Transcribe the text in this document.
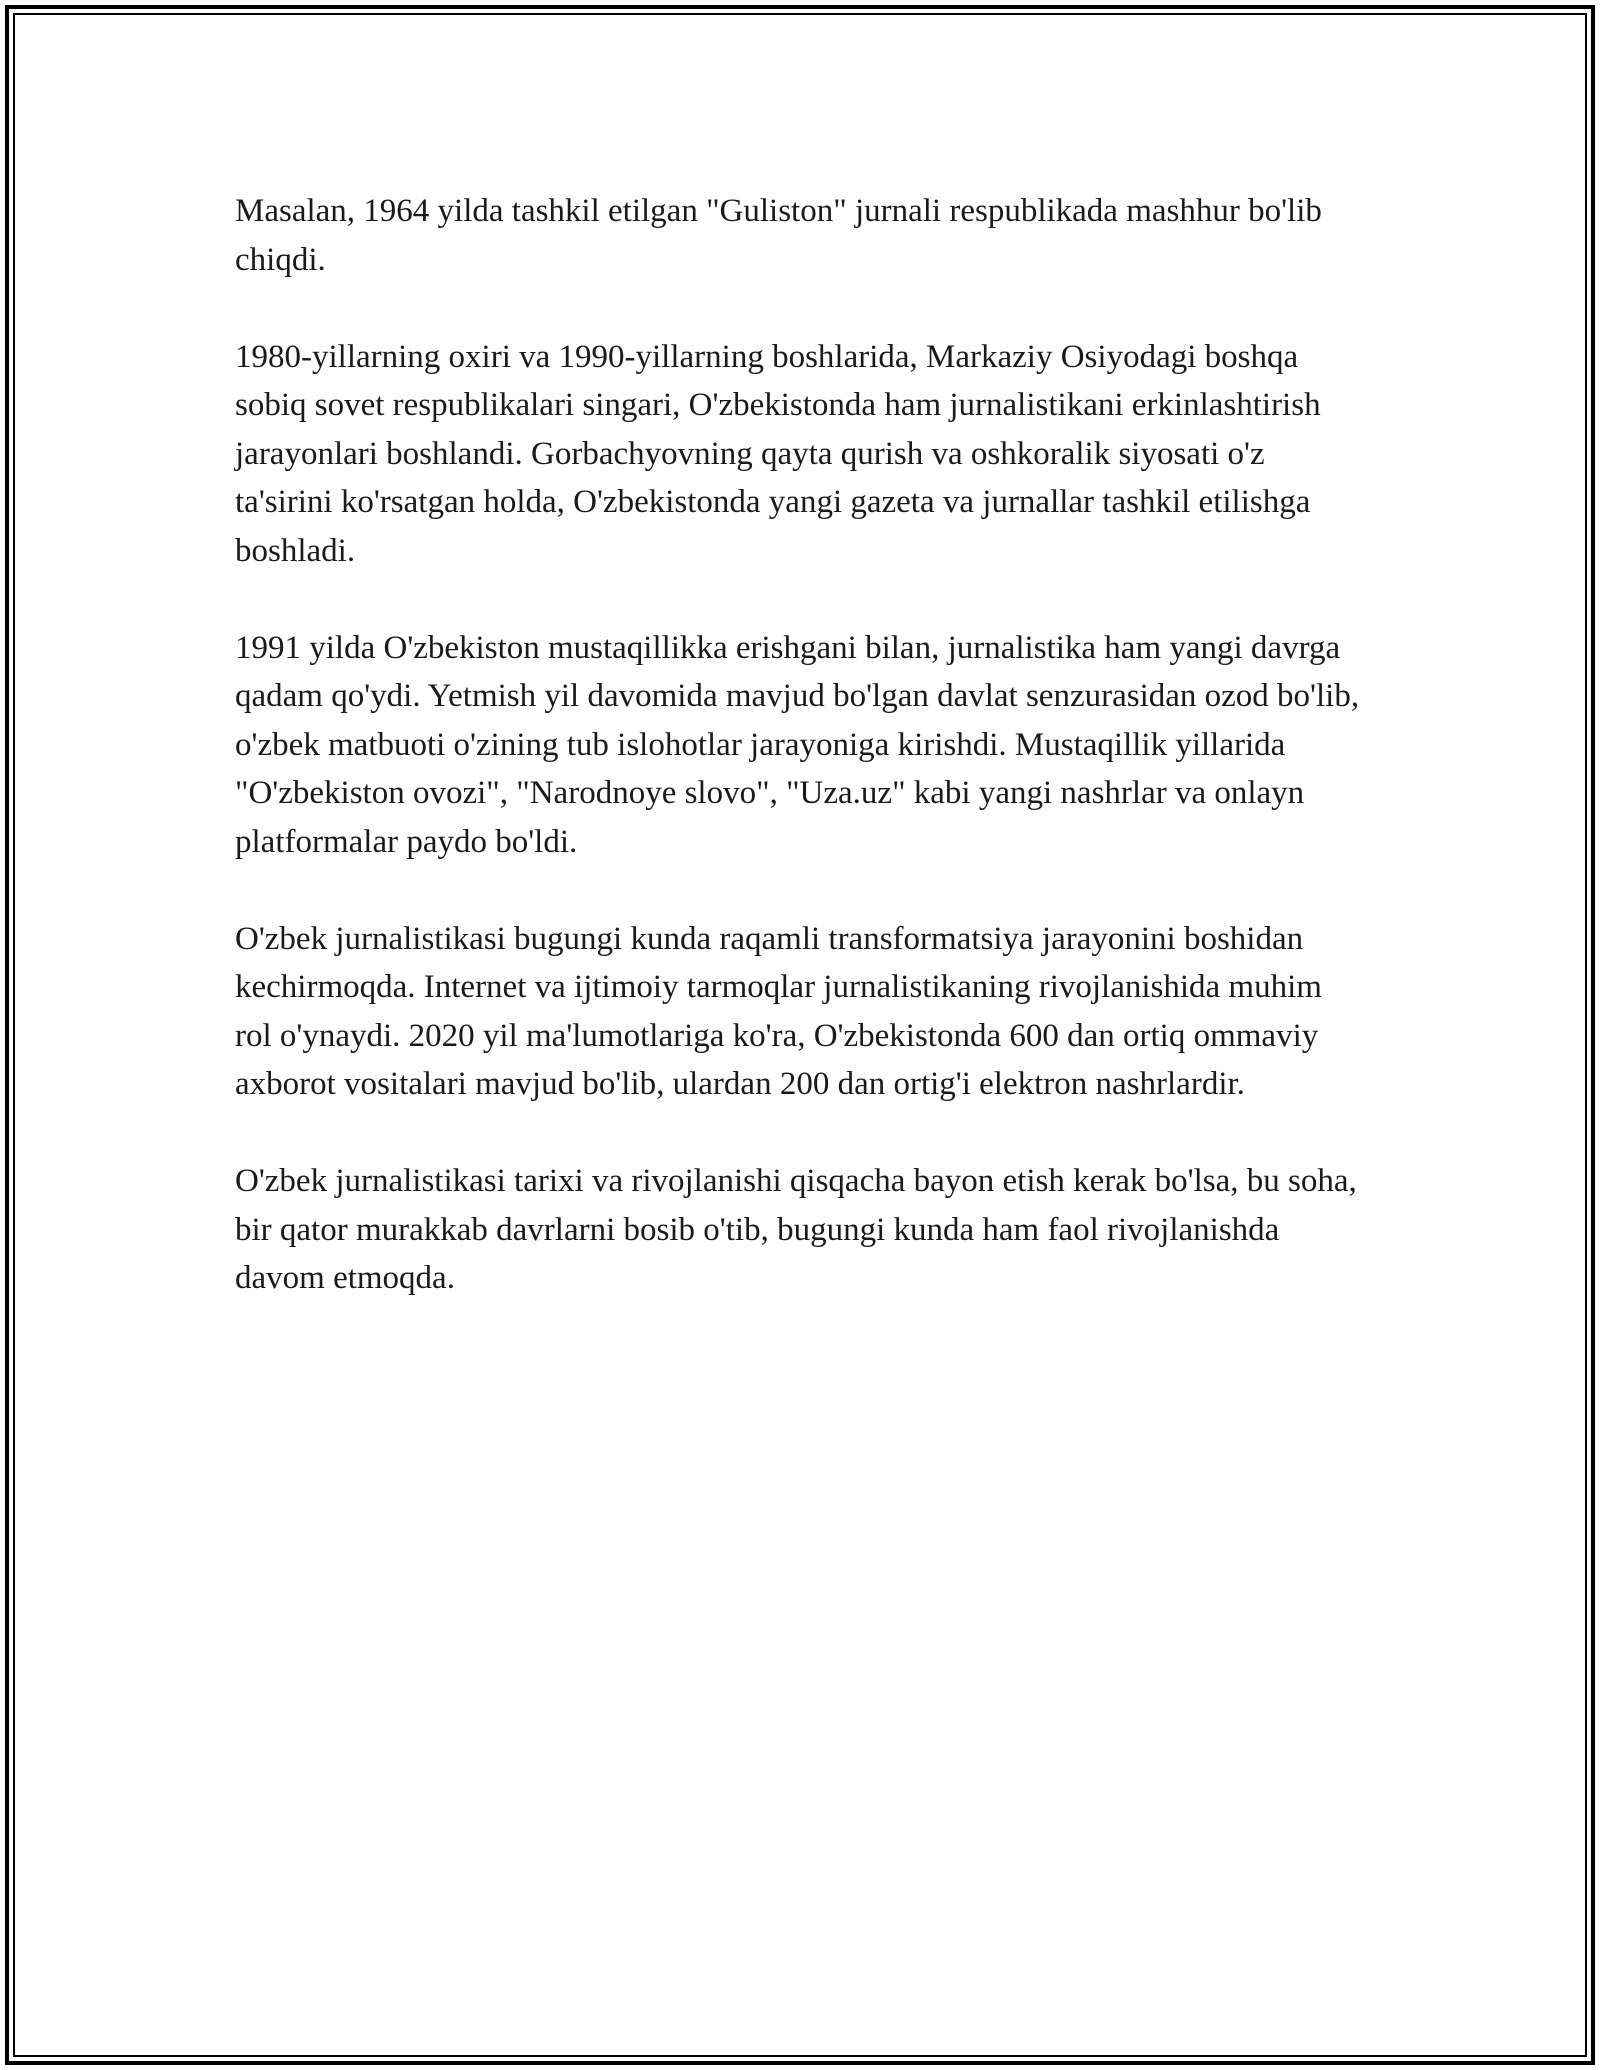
Masalan, 1964 yilda tashkil etilgan "Guliston" jurnali respublikada mashhur bo'lib chiqdi.

1980-yillarning oxiri va 1990-yillarning boshlarida, Markaziy Osiyodagi boshqa sobiq sovet respublikalari singari, O'zbekistonda ham jurnalistikani erkinlashtirish jarayonlari boshlandi. Gorbachyovning qayta qurish va oshkoralik siyosati o'z ta'sirini ko'rsatgan holda, O'zbekistonda yangi gazeta va jurnallar tashkil etilishga boshladi.

1991 yilda O'zbekiston mustaqillikka erishgani bilan, jurnalistika ham yangi davrga qadam qo'ydi. Yetmish yil davomida mavjud bo'lgan davlat senzurasidan ozod bo'lib, o'zbek matbuoti o'zining tub islohotlar jarayoniga kirishdi. Mustaqillik yillarida "O'zbekiston ovozi", "Narodnoye slovo", "Uza.uz" kabi yangi nashrlar va onlayn platformalar paydo bo'ldi.

O'zbek jurnalistikasi bugungi kunda raqamli transformatsiya jarayonini boshidan kechirmoqda. Internet va ijtimoiy tarmoqlar jurnalistikaning rivojlanishida muhim rol o'ynaydi. 2020 yil ma'lumotlariga ko'ra, O'zbekistonda 600 dan ortiq ommaviy axborot vositalari mavjud bo'lib, ulardan 200 dan ortig'i elektron nashrlardir.

O'zbek jurnalistikasi tarixi va rivojlanishi qisqacha bayon etish kerak bo'lsa, bu soha, bir qator murakkab davrlarni bosib o'tib, bugungi kunda ham faol rivojlanishda davom etmoqda.
